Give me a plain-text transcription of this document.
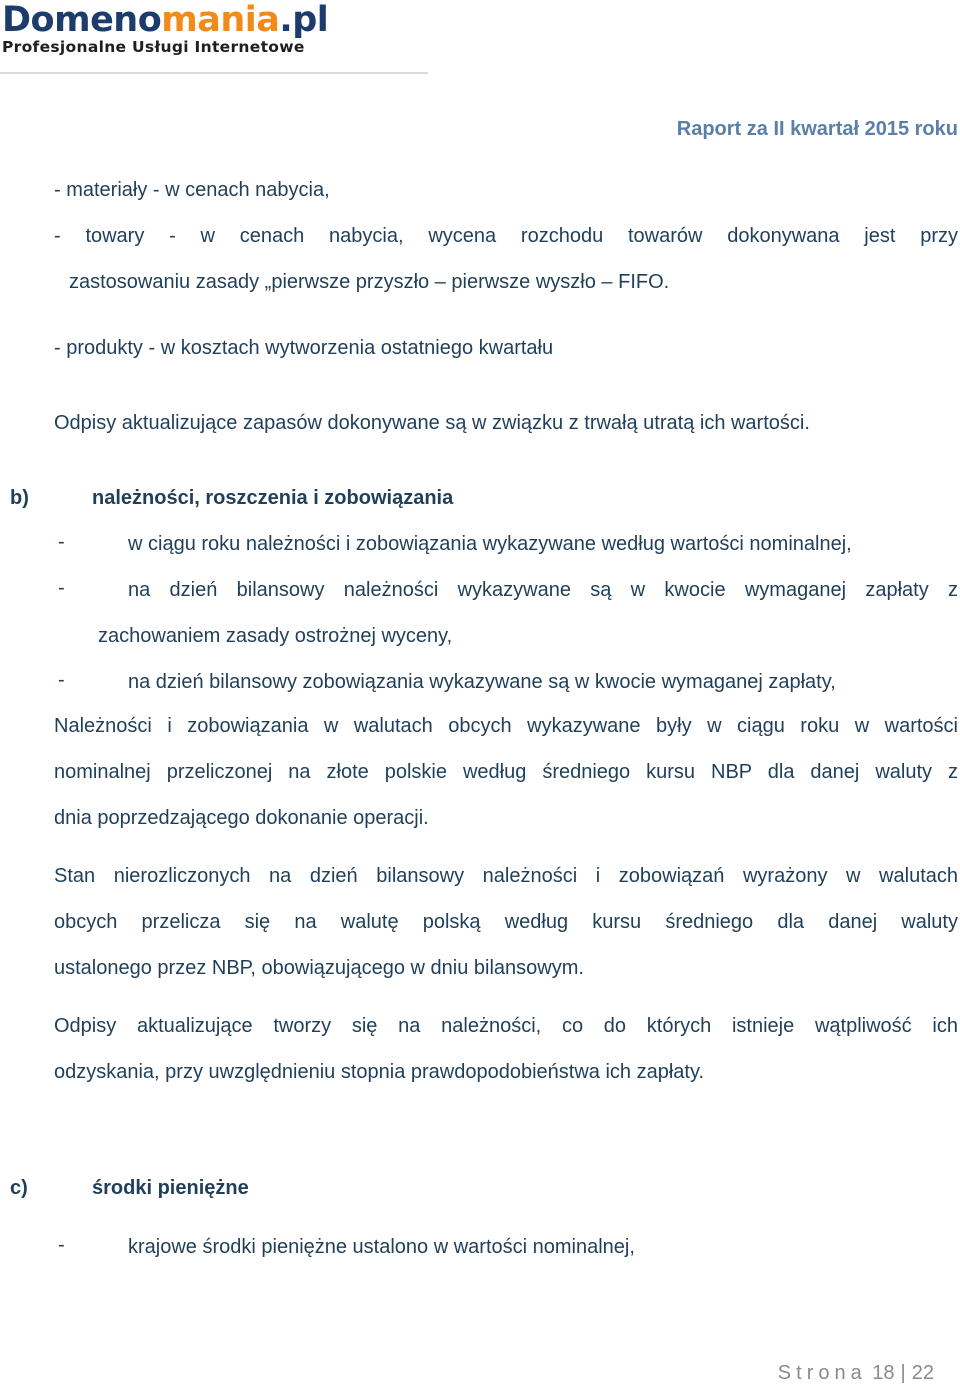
Domenomania.pl
Profesjonalne Usługi Internetowe
Raport za II kwartał 2015 roku
- materiały - w cenach nabycia,
- towary - w cenach nabycia, wycena rozchodu towarów dokonywana jest przy
zastosowaniu zasady „pierwsze przyszło – pierwsze wyszło – FIFO.
- produkty - w kosztach wytworzenia ostatniego kwartału
Odpisy aktualizujące zapasów dokonywane są w związku z trwałą utratą ich wartości.
b)	należności, roszczenia i zobowiązania
-	w ciągu roku należności i zobowiązania wykazywane według wartości nominalnej,
-	na dzień bilansowy należności wykazywane są w kwocie wymaganej zapłaty z
zachowaniem zasady ostrożnej wyceny,
-	na dzień bilansowy zobowiązania wykazywane są w kwocie wymaganej zapłaty,
Należności i zobowiązania w walutach obcych wykazywane były w ciągu roku w wartości
nominalnej przeliczonej na złote polskie według średniego kursu NBP dla danej waluty z
dnia poprzedzającego dokonanie operacji.
Stan nierozliczonych na dzień bilansowy należności i zobowiązań wyrażony w walutach
obcych przelicza się na walutę polską według kursu średniego dla danej waluty
ustalonego przez NBP, obowiązującego w dniu bilansowym.
Odpisy aktualizujące tworzy się na należności, co do których istnieje wątpliwość ich
odzyskania, przy uwzględnieniu stopnia prawdopodobieństwa ich zapłaty.
c)	środki pieniężne
-	krajowe środki pieniężne ustalono w wartości nominalnej,
Strona 18 | 22
